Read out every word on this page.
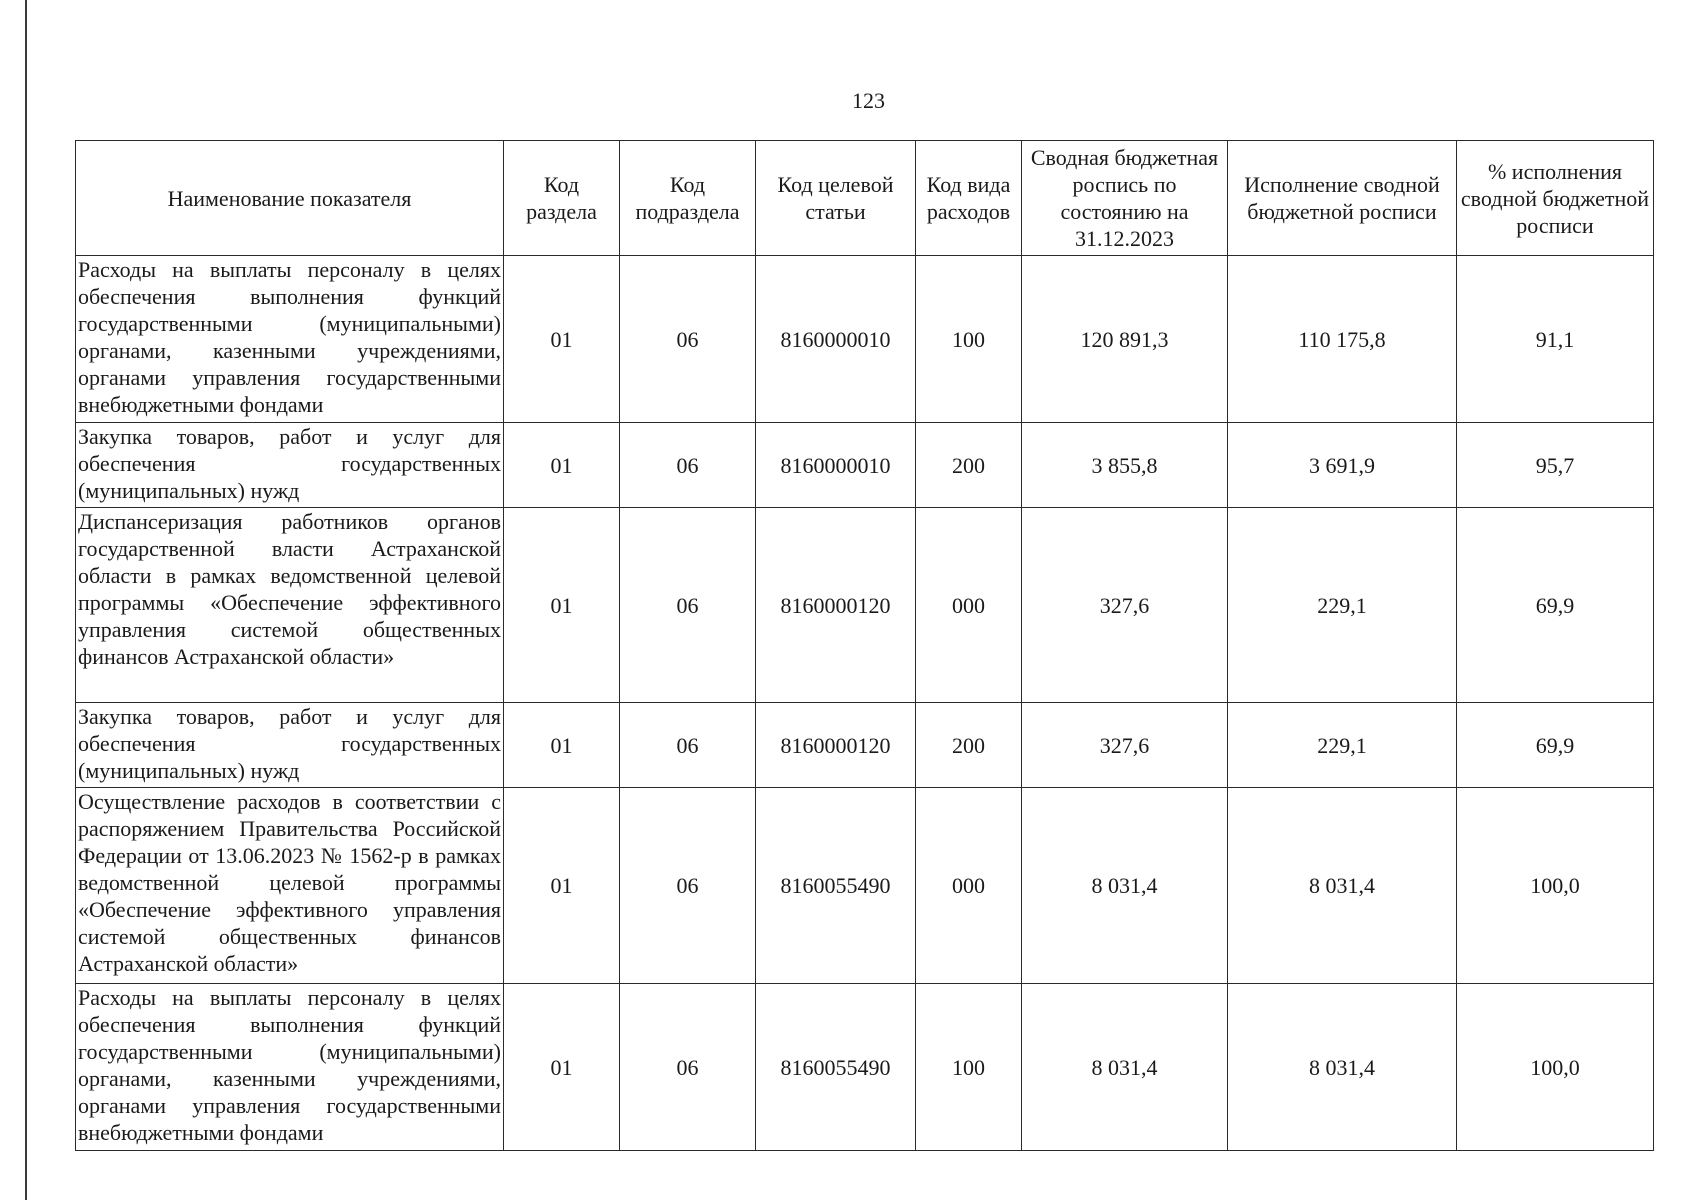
123
Наименование показателя	Код раздела	Код подраздела	Код целевой статьи	Код вида расходов	Сводная бюджетная роспись по состоянию на 31.12.2023	Исполнение сводной бюджетной росписи	% исполнения сводной бюджетной росписи
Расходы на выплаты персоналу в целях обеспечения выполнения функций государственными (муниципальными) органами, казенными учреждениями, органами управления государственными внебюджетными фондами	01	06	8160000010	100	120 891,3	110 175,8	91,1
Закупка товаров, работ и услуг для обеспечения государственных (муниципальных) нужд	01	06	8160000010	200	3 855,8	3 691,9	95,7
Диспансеризация работников органов государственной власти Астраханской области в рамках ведомственной целевой программы «Обеспечение эффективного управления системой общественных финансов Астраханской области»	01	06	8160000120	000	327,6	229,1	69,9
Закупка товаров, работ и услуг для обеспечения государственных (муниципальных) нужд	01	06	8160000120	200	327,6	229,1	69,9
Осуществление расходов в соответствии с распоряжением Правительства Российской Федерации от 13.06.2023 № 1562-р в рамках ведомственной целевой программы «Обеспечение эффективного управления системой общественных финансов Астраханской области»	01	06	8160055490	000	8 031,4	8 031,4	100,0
Расходы на выплаты персоналу в целях обеспечения выполнения функций государственными (муниципальными) органами, казенными учреждениями, органами управления государственными внебюджетными фондами	01	06	8160055490	100	8 031,4	8 031,4	100,0
